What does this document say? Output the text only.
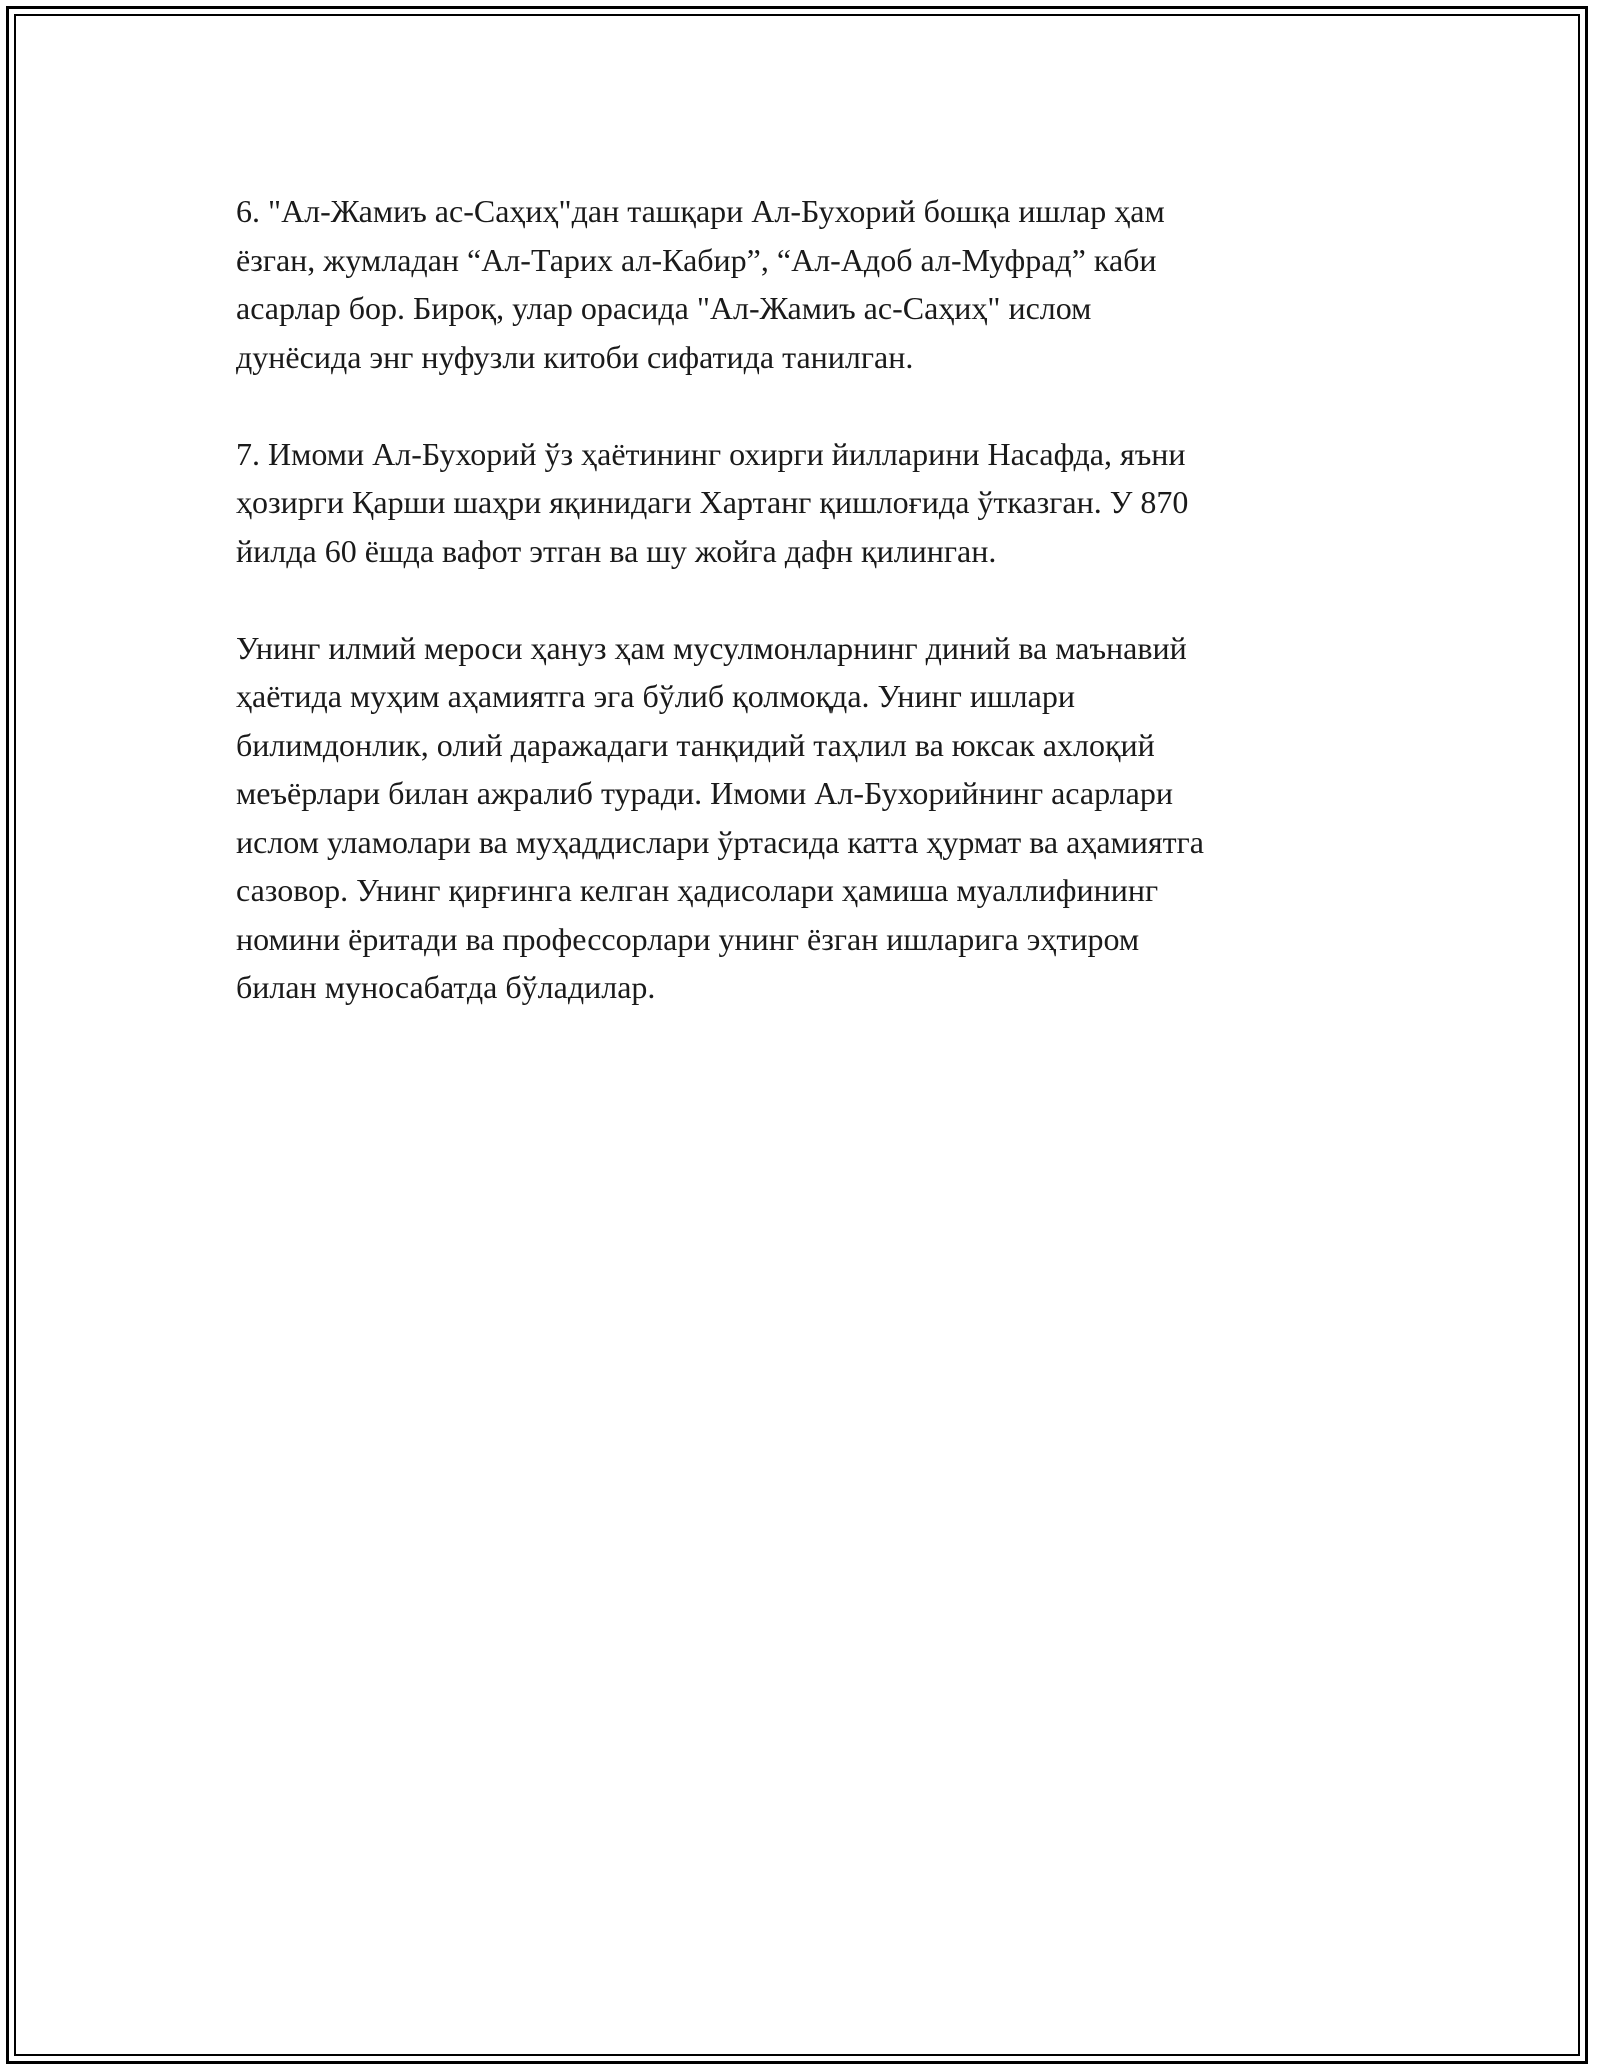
6. "Ал-Жамиъ ас-Саҳиҳ"дан ташқари Ал-Бухорий бошқа ишлар ҳам
ёзган, жумладан “Ал-Тарих ал-Кабир”, “Ал-Адоб ал-Муфрад” каби
асарлар бор. Бироқ, улар орасида "Ал-Жамиъ ас-Саҳиҳ" ислом
дунёсида энг нуфузли китоби сифатида танилган.

7. Имоми Ал-Бухорий ўз ҳаётининг охирги йилларини Насафда, яъни
ҳозирги Қарши шаҳри яқинидаги Хартанг қишлоғида ўтказган. У 870
йилда 60 ёшда вафот этган ва шу жойга дафн қилинган.

Унинг илмий мероси ҳануз ҳам мусулмонларнинг диний ва маънавий
ҳаётида муҳим аҳамиятга эга бўлиб қолмоқда. Унинг ишлари
билимдонлик, олий даражадаги танқидий таҳлил ва юксак ахлоқий
меъёрлари билан ажралиб туради. Имоми Ал-Бухорийнинг асарлари
ислом уламолари ва муҳаддислари ўртасида катта ҳурмат ва аҳамиятга
сазовор. Унинг қирғинга келган ҳадисолари ҳамиша муаллифининг
номини ёритади ва профессорлари унинг ёзган ишларига эҳтиром
билан муносабатда бўладилар.
